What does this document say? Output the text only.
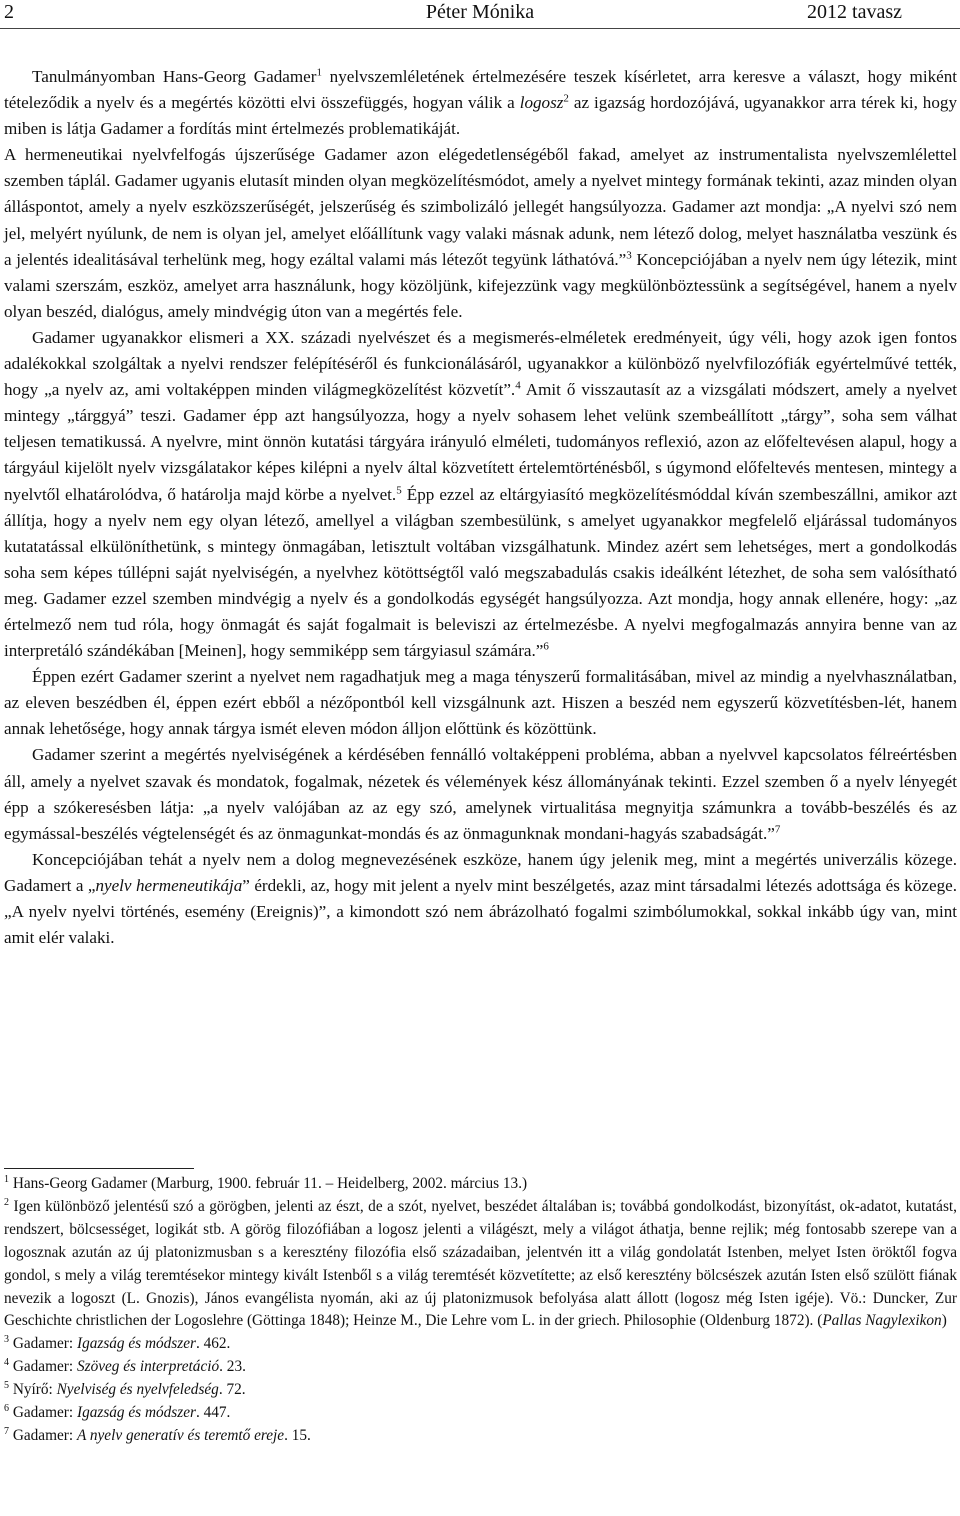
2	Péter Mónika	2012 tavasz

Tanulmányomban Hans-Georg Gadamer$^1$ nyelvszemléletének értelmezésére teszek kísérletet, arra keresve a választ, hogy miként tételeződik a nyelv és a megértés közötti elvi összefüggés, hogyan válik a logosz$^2$ az igazság hordozójává, ugyanakkor arra térek ki, hogy miben is látja Gadamer a fordítás mint értelmezés problematikáját.

A hermeneutikai nyelvfelfogás újszerűsége Gadamer azon elégedetlenségéből fakad, amelyet az instrumentalista nyelvszemlélettel szemben táplál. Gadamer ugyanis elutasít minden olyan megközelítésmódot, amely a nyelvet mintegy formának tekinti, azaz minden olyan álláspontot, amely a nyelv eszközszerűségét, jelszerűség és szimbolizáló jellegét hangsúlyozza. Gadamer azt mondja: „A nyelvi szó nem jel, melyért nyúlunk, de nem is olyan jel, amelyet előállítunk vagy valaki másnak adunk, nem létező dolog, melyet használatba veszünk és a jelentés idealitásával terhelünk meg, hogy ezáltal valami más létezőt tegyünk láthatóvá.”$^3$ Koncepciójában a nyelv nem úgy létezik, mint valami szerszám, eszköz, amelyet arra használunk, hogy közöljünk, kifejezzünk vagy megkülönböztessünk a segítségével, hanem a nyelv olyan beszéd, dialógus, amely mindvégig úton van a megértés fele.

Gadamer ugyanakkor elismeri a XX. századi nyelvészet és a megismerés-elméletek eredményeit, úgy véli, hogy azok igen fontos adalékokkal szolgáltak a nyelvi rendszer felépítéséről és funkcionálásáról, ugyanakkor a különböző nyelvfilozófiák egyértelművé tették, hogy „a nyelv az, ami voltaképpen minden világmegközelítést közvetít”.$^4$ Amit ő visszautasít az a vizsgálati módszert, amely a nyelvet mintegy „tárggyá” teszi. Gadamer épp azt hangsúlyozza, hogy a nyelv sohasem lehet velünk szembeállított „tárgy”, soha sem válhat teljesen tematikussá. A nyelvre, mint önnön kutatási tárgyára irányuló elméleti, tudományos reflexió, azon az előfeltevésen alapul, hogy a tárgyául kijelölt nyelv vizsgálatakor képes kilépni a nyelv által közvetített értelemtörténésből, s úgymond előfeltevés mentesen, mintegy a nyelvtől elhatárolódva, ő határolja majd körbe a nyelvet.$^5$ Épp ezzel az eltárgyiasító megközelítésmóddal kíván szembeszállni, amikor azt állítja, hogy a nyelv nem egy olyan létező, amellyel a világban szembesülünk, s amelyet ugyanakkor megfelelő eljárással tudományos kutatatással elkülöníthetünk, s mintegy önmagában, letisztult voltában vizsgálhatunk. Mindez azért sem lehetséges, mert a gondolkodás soha sem képes túllépni saját nyelviségén, a nyelvhez kötöttségtől való megszabadulás csakis ideálként létezhet, de soha sem valósítható meg. Gadamer ezzel szemben mindvégig a nyelv és a gondolkodás egységét hangsúlyozza. Azt mondja, hogy annak ellenére, hogy: „az értelmező nem tud róla, hogy önmagát és saját fogalmait is beleviszi az értelmezésbe. A nyelvi megfogalmazás annyira benne van az interpretáló szándékában [Meinen], hogy semmiképp sem tárgyiasul számára.”$^6$

Éppen ezért Gadamer szerint a nyelvet nem ragadhatjuk meg a maga tényszerű formalitásában, mivel az mindig a nyelvhasználatban, az eleven beszédben él, éppen ezért ebből a nézőpontból kell vizsgálnunk azt. Hiszen a beszéd nem egyszerű közvetítésben-lét, hanem annak lehetősége, hogy annak tárgya ismét eleven módon álljon előttünk és közöttünk.

Gadamer szerint a megértés nyelviségének a kérdésében fennálló voltaképpeni probléma, abban a nyelvvel kapcsolatos félreértésben áll, amely a nyelvet szavak és mondatok, fogalmak, nézetek és vélemények kész állományának tekinti. Ezzel szemben ő a nyelv lényegét épp a szókeresésben látja: „a nyelv valójában az az egy szó, amelynek virtualitása megnyitja számunkra a tovább-beszélés és az egymással-beszélés végtelenségét és az önmagunkat-mondás és az önmagunknak mondani-hagyás szabadságát.”$^7$

Koncepciójában tehát a nyelv nem a dolog megnevezésének eszköze, hanem úgy jelenik meg, mint a megértés univerzális közege. Gadamert a „nyelv hermeneutikája” érdekli, az, hogy mit jelent a nyelv mint beszélgetés, azaz mint társadalmi létezés adottsága és közege. „A nyelv nyelvi történés, esemény (Ereignis)”, a kimondott szó nem ábrázolható fogalmi szimbólumokkal, sokkal inkább úgy van, mint amit elér valaki.

$^1$ Hans-Georg Gadamer (Marburg, 1900. február 11. – Heidelberg, 2002. március 13.)

$^2$ Igen különböző jelentésű szó a görögben, jelenti az észt, de a szót, nyelvet, beszédet általában is; továbbá gondolkodást, bizonyítást, ok-adatot, kutatást, rendszert, bölcsességet, logikát stb. A görög filozófiában a logosz jelenti a világészt, mely a világot áthatja, benne rejlik; még fontosabb szerepe van a logosznak azután az új platonizmusban s a keresztény filozófia első századaiban, jelentvén itt a világ gondolatát Istenben, melyet Isten öröktől fogva gondol, s mely a világ teremtésekor mintegy kivált Istenből s a világ teremtését közvetítette; az első keresztény bölcsészek azután Isten első szülött fiának nevezik a logoszt (L. Gnozis), János evangélista nyomán, aki az új platonizmusok befolyása alatt állott (logosz még Isten igéje). Vö.: Duncker, Zur Geschichte christlichen der Logoslehre (Göttinga 1848); Heinze M., Die Lehre vom L. in der griech. Philosophie (Oldenburg 1872). (Pallas Nagylexikon)

$^3$ Gadamer: Igazság és módszer. 462.

$^4$ Gadamer: Szöveg és interpretáció. 23.

$^5$ Nyírő: Nyelviség és nyelvfeledség. 72.

$^6$ Gadamer: Igazság és módszer. 447.

$^7$ Gadamer: A nyelv generatív és teremtő ereje. 15.
